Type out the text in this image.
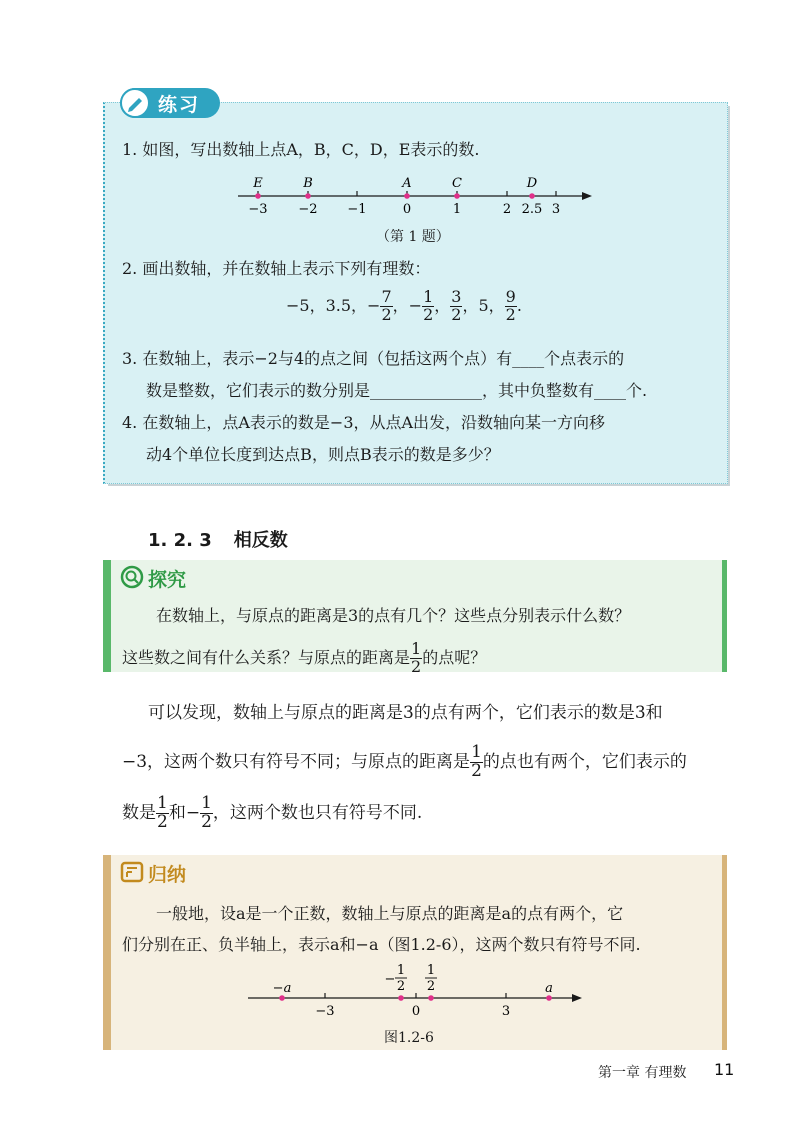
练习
1. 如图，写出数轴上点A，B，C，D，E表示的数.
E	B	A	C	D
−3 −2 −1	0	1	2 2.5 3
（第 1 题）
2. 画出数轴，并在数轴上表示下列有理数：
−5，3.5，− $\frac{7}{2}$ ，− $\frac{1}{2}$ ， $\frac{3}{2}$ ，5， $\frac{9}{2}$ .
3. 在数轴上，表示−2与4的点之间（包括这两个点）有____个点表示的
数是整数，它们表示的数分别是______________，其中负整数有____个.
4. 在数轴上，点A表示的数是−3，从点A出发，沿数轴向某一方向移
动4个单位长度到达点B，则点B表示的数是多少？
1. 2. 3 相反数
探究
在数轴上，与原点的距离是3的点有几个？这些点分别表示什么数？
这些数之间有什么关系？与原点的距离是 $\frac{1}{2}$ 的点呢？
可以发现，数轴上与原点的距离是3的点有两个，它们表示的数是3和
−3，这两个数只有符号不同；与原点的距离是 $\frac{1}{2}$ 的点也有两个，它们表示的
数是 $\frac{1}{2}$ 和− $\frac{1}{2}$ ，这两个数也只有符号不同.
归纳
一般地，设a是一个正数，数轴上与原点的距离是a的点有两个，它
们分别在正、负半轴上，表示a和−a（图1.2-6），这两个数只有符号不同.
−a	a
−
1
2
1
2
−3	0	3
图1.2-6
第一章 有理数 11
